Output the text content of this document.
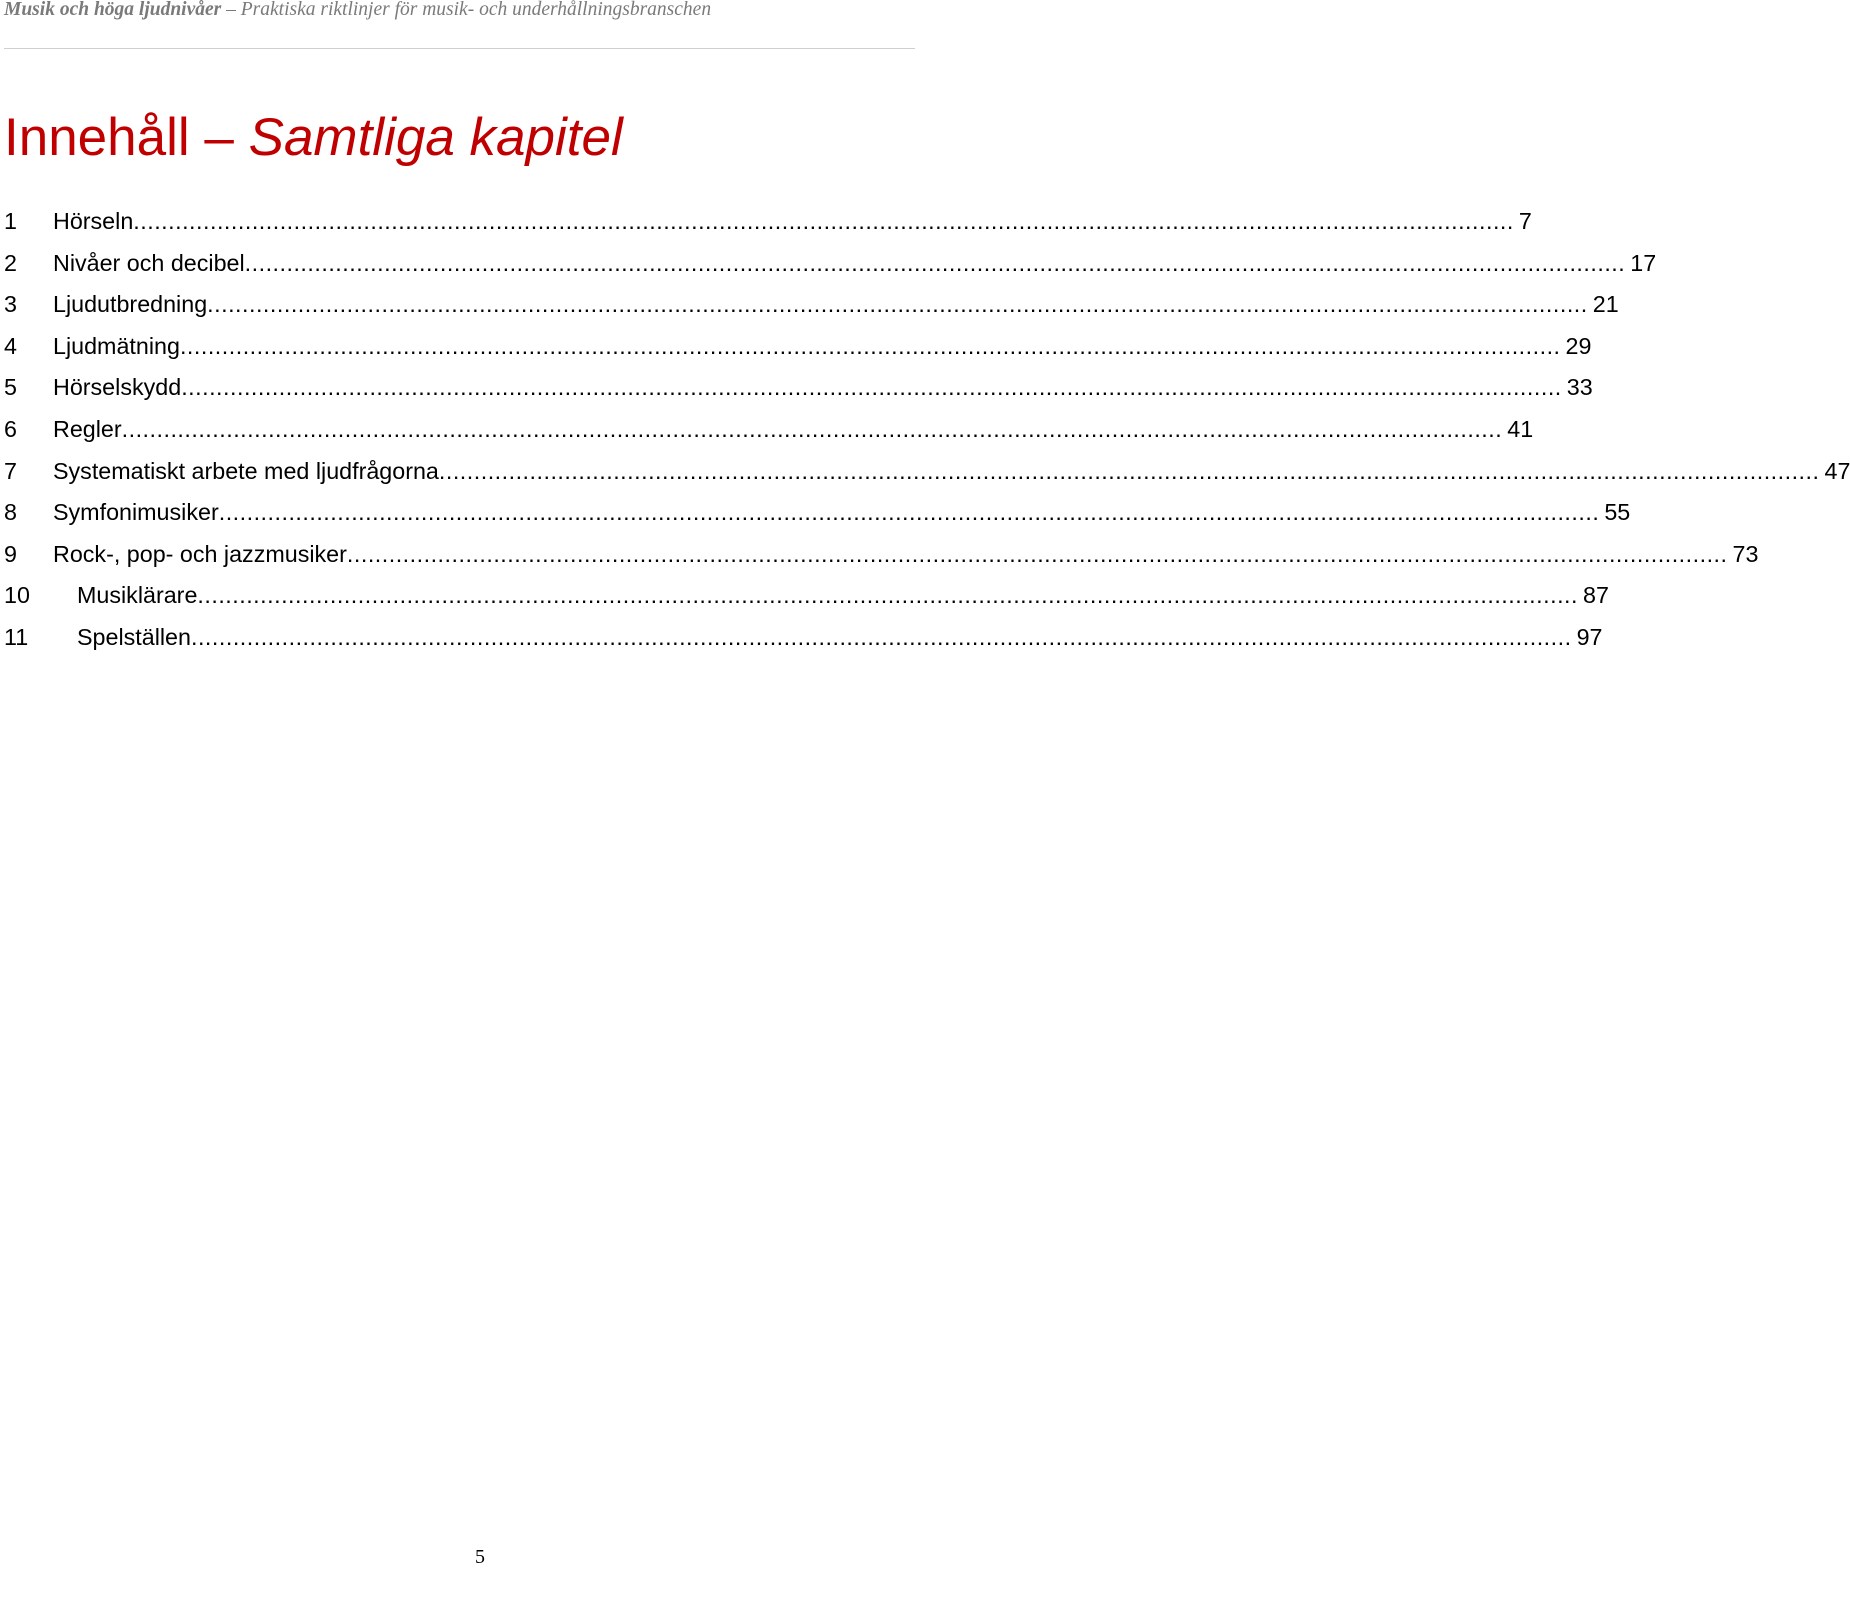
Musik och höga ljudnivåer – Praktiska riktlinjer för musik- och underhållningsbranschen
Innehåll – Samtliga kapitel
1 Hörseln ...................................................................................................................................................................................................... 7
2 Nivåer och decibel ...................................................................................................................................................................................................... 17
3 Ljudutbredning ...................................................................................................................................................................................................... 21
4 Ljudmätning ...................................................................................................................................................................................................... 29
5 Hörselskydd ...................................................................................................................................................................................................... 33
6 Regler ...................................................................................................................................................................................................... 41
7 Systematiskt arbete med ljudfrågorna ...................................................................................................................................................................................................... 47
8 Symfonimusiker ...................................................................................................................................................................................................... 55
9 Rock-, pop- och jazzmusiker ...................................................................................................................................................................................................... 73
10 Musiklärare ...................................................................................................................................................................................................... 87
11 Spelställen ...................................................................................................................................................................................................... 97
5
